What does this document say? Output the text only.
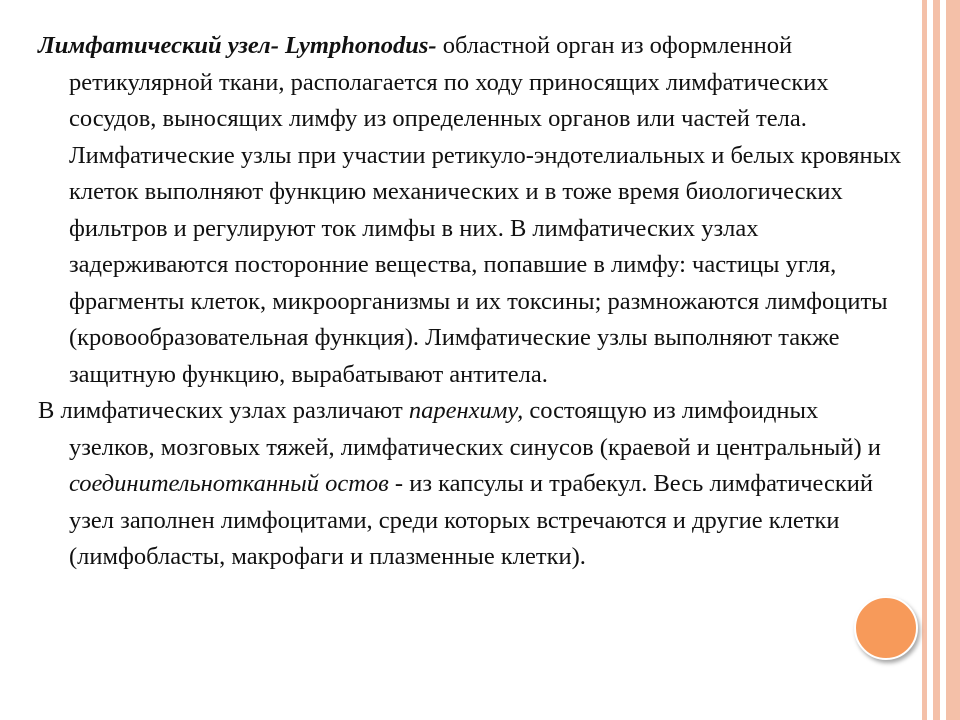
Лимфатический узел- Lymphonodus- областной орган из оформленной ретикулярной ткани, располагается по ходу приносящих лимфатических сосудов, выносящих лимфу из определенных органов или частей тела. Лимфатические узлы при участии ретикуло-эндотелиальных и белых кровяных клеток выполняют функцию механических и в тоже время биологических фильтров и регулируют ток лимфы в них. В лимфатических узлах задерживаются посторонние вещества, попавшие в лимфу: частицы угля, фрагменты клеток, микроорганизмы и их токсины; размножаются лимфоциты (кровообразовательная функция). Лимфатические узлы выполняют также защитную функцию, вырабатывают антитела.

В лимфатических узлах различают паренхиму, состоящую из лимфоидных узелков, мозговых тяжей, лимфатических синусов (краевой и центральный) и соединительнотканный остов - из капсулы и трабекул. Весь лимфатический узел заполнен лимфоцитами, среди которых встречаются и другие клетки (лимфобласты, макрофаги и плазменные клетки).
